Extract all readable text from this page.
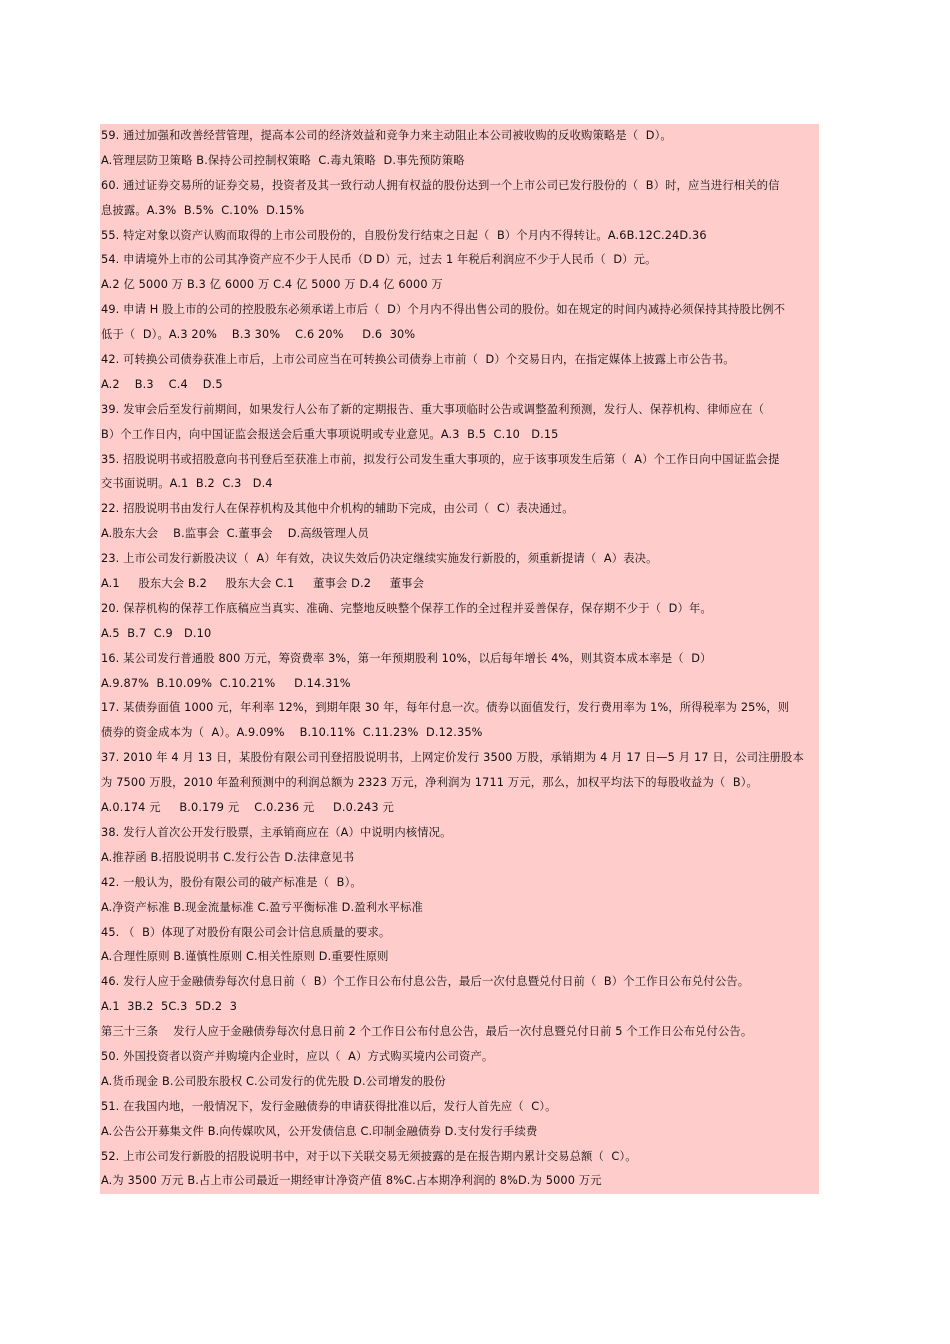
59. 通过加强和改善经营管理，提高本公司的经济效益和竞争力来主动阻止本公司被收购的反收购策略是（  D）。
A.管理层防卫策略 B.保持公司控制权策略  C.毒丸策略  D.事先预防策略
60. 通过证券交易所的证券交易，投资者及其一致行动人拥有权益的股份达到一个上市公司已发行股份的（  B）时，应当进行相关的信
息披露。A.3%  B.5%  C.10%  D.15%
55. 特定对象以资产认购而取得的上市公司股份的，自股份发行结束之日起（  B）个月内不得转让。A.6B.12C.24D.36
54. 申请境外上市的公司其净资产应不少于人民币（D D）元，过去 1 年税后利润应不少于人民币（  D）元。
A.2 亿 5000 万 B.3 亿 6000 万 C.4 亿 5000 万 D.4 亿 6000 万
49. 申请 H 股上市的公司的控股股东必须承诺上市后（  D）个月内不得出售公司的股份。如在规定的时间内减持必须保持其持股比例不
低于（  D）。A.3 20%    B.3 30%    C.6 20%     D.6  30%
42. 可转换公司债券获准上市后，上市公司应当在可转换公司债券上市前（  D）个交易日内，在指定媒体上披露上市公告书。
A.2    B.3    C.4    D.5
39. 发审会后至发行前期间，如果发行人公布了新的定期报告、重大事项临时公告或调整盈利预测，发行人、保荐机构、律师应在（
B）个工作日内，向中国证监会报送会后重大事项说明或专业意见。A.3  B.5  C.10   D.15
35. 招股说明书或招股意向书刊登后至获准上市前，拟发行公司发生重大事项的，应于该事项发生后第（  A）个工作日向中国证监会提
交书面说明。A.1  B.2  C.3   D.4
22. 招股说明书由发行人在保荐机构及其他中介机构的辅助下完成，由公司（  C）表决通过。
A.股东大会    B.监事会  C.董事会    D.高级管理人员
23. 上市公司发行新股决议（  A）年有效，决议失效后仍决定继续实施发行新股的，须重新提请（  A）表决。
A.1     股东大会 B.2     股东大会 C.1     董事会 D.2     董事会
20. 保荐机构的保荐工作底稿应当真实、准确、完整地反映整个保荐工作的全过程并妥善保存，保存期不少于（  D）年。
A.5  B.7  C.9   D.10
16. 某公司发行普通股 800 万元，筹资费率 3%，第一年预期股利 10%，以后每年增长 4%，则其资本成本率是（  D）
A.9.87%  B.10.09%  C.10.21%     D.14.31%
17. 某债券面值 1000 元，年利率 12%，到期年限 30 年，每年付息一次。债券以面值发行，发行费用率为 1%，所得税率为 25%，则
债券的资金成本为（  A）。A.9.09%    B.10.11%  C.11.23%  D.12.35%
37. 2010 年 4 月 13 日，某股份有限公司刊登招股说明书，上网定价发行 3500 万股，承销期为 4 月 17 日—5 月 17 日，公司注册股本
为 7500 万股，2010 年盈利预测中的利润总额为 2323 万元，净利润为 1711 万元，那么，加权平均法下的每股收益为（  B）。
A.0.174 元     B.0.179 元    C.0.236 元     D.0.243 元
38. 发行人首次公开发行股票，主承销商应在（A）中说明内核情况。
A.推荐函 B.招股说明书 C.发行公告 D.法律意见书
42. 一般认为，股份有限公司的破产标准是（  B）。
A.净资产标准 B.现金流量标准 C.盈亏平衡标准 D.盈利水平标准
45. （  B）体现了对股份有限公司会计信息质量的要求。
A.合理性原则 B.谨慎性原则 C.相关性原则 D.重要性原则
46. 发行人应于金融债券每次付息日前（  B）个工作日公布付息公告，最后一次付息暨兑付日前（  B）个工作日公布兑付公告。
A.1  3B.2  5C.3  5D.2  3
第三十三条    发行人应于金融债券每次付息日前 2 个工作日公布付息公告，最后一次付息暨兑付日前 5 个工作日公布兑付公告。
50. 外国投资者以资产并购境内企业时，应以（  A）方式购买境内公司资产。
A.货币现金 B.公司股东股权 C.公司发行的优先股 D.公司增发的股份
51. 在我国内地，一般情况下，发行金融债券的申请获得批准以后，发行人首先应（  C）。
A.公告公开募集文件 B.向传媒吹风，公开发债信息 C.印制金融债券 D.支付发行手续费
52. 上市公司发行新股的招股说明书中，对于以下关联交易无须披露的是在报告期内累计交易总额（  C）。
A.为 3500 万元 B.占上市公司最近一期经审计净资产值 8%C.占本期净利润的 8%D.为 5000 万元
